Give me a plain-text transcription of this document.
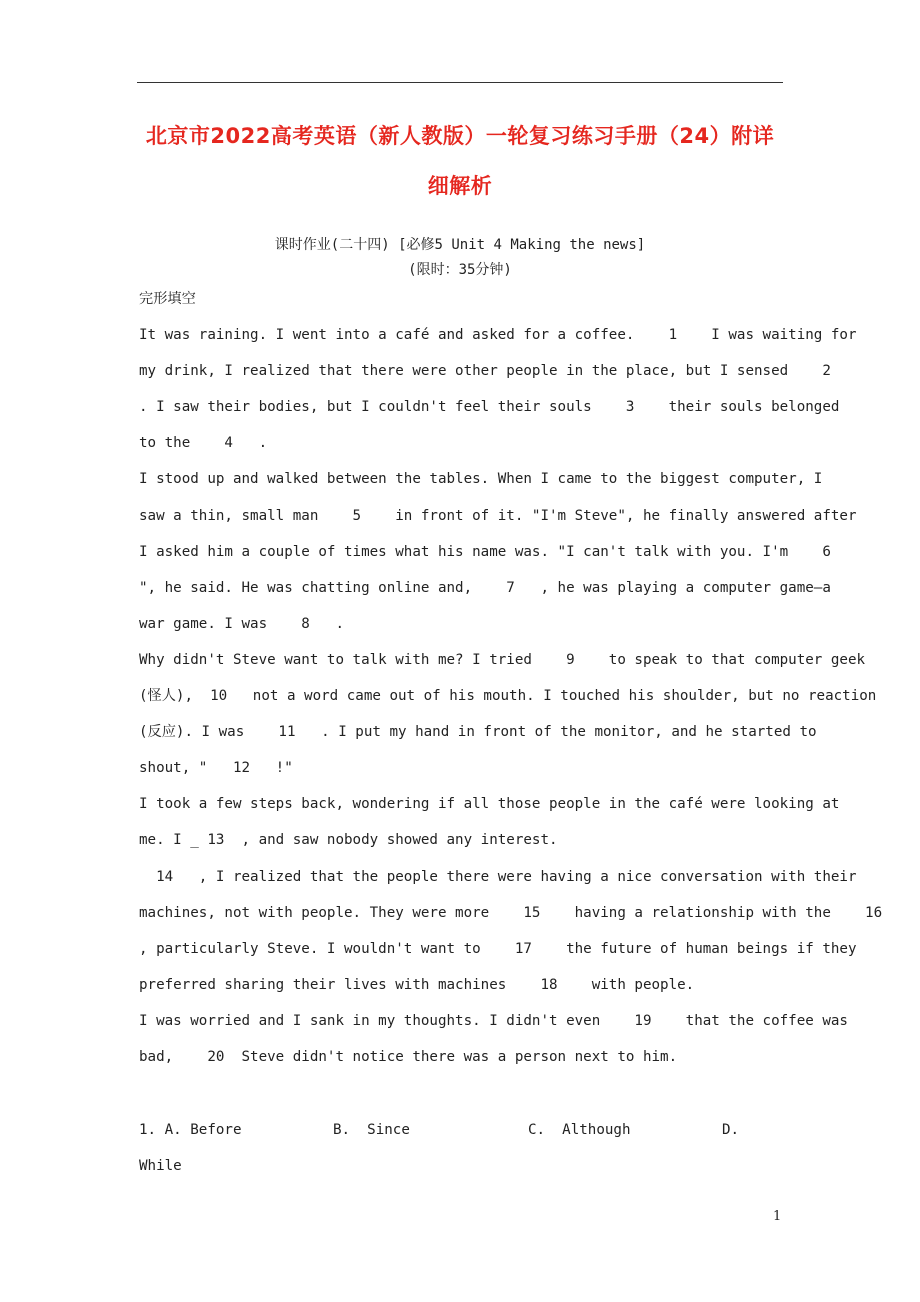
北京市2022高考英语（新人教版）一轮复习练习手册（24）附详
细解析
课时作业(二十四) [必修5 Unit 4 Making the news]
(限时：35分钟)
完形填空
It was raining. I went into a café and asked for a coffee.    1    I was waiting for
my drink, I realized that there were other people in the place, but I sensed    2
. I saw their bodies, but I couldn't feel their souls    3    their souls belonged
to the    4   .
I stood up and walked between the tables. When I came to the biggest computer, I
saw a thin, small man    5    in front of it. "I'm Steve", he finally answered after
I asked him a couple of times what his name was. "I can't talk with you. I'm    6
", he said. He was chatting online and,    7   , he was playing a computer game—a
war game. I was    8   .
Why didn't Steve want to talk with me? I tried    9    to speak to that computer geek
(怪人),  10   not a word came out of his mouth. I touched his shoulder, but no reaction
(反应). I was    11   . I put my hand in front of the monitor, and he started to
shout, "   12   !"
I took a few steps back, wondering if all those people in the café were looking at
me. I _ 13  , and saw nobody showed any interest.
14   , I realized that the people there were having a nice conversation with their
machines, not with people. They were more    15    having a relationship with the    16
, particularly Steve. I wouldn't want to    17    the future of human beings if they
preferred sharing their lives with machines    18    with people.
I was worried and I sank in my thoughts. I didn't even    19    that the coffee was
bad,    20  Steve didn't notice there was a person next to him.
1. A. Before	B.  Since	C.  Although	D.
While
1
